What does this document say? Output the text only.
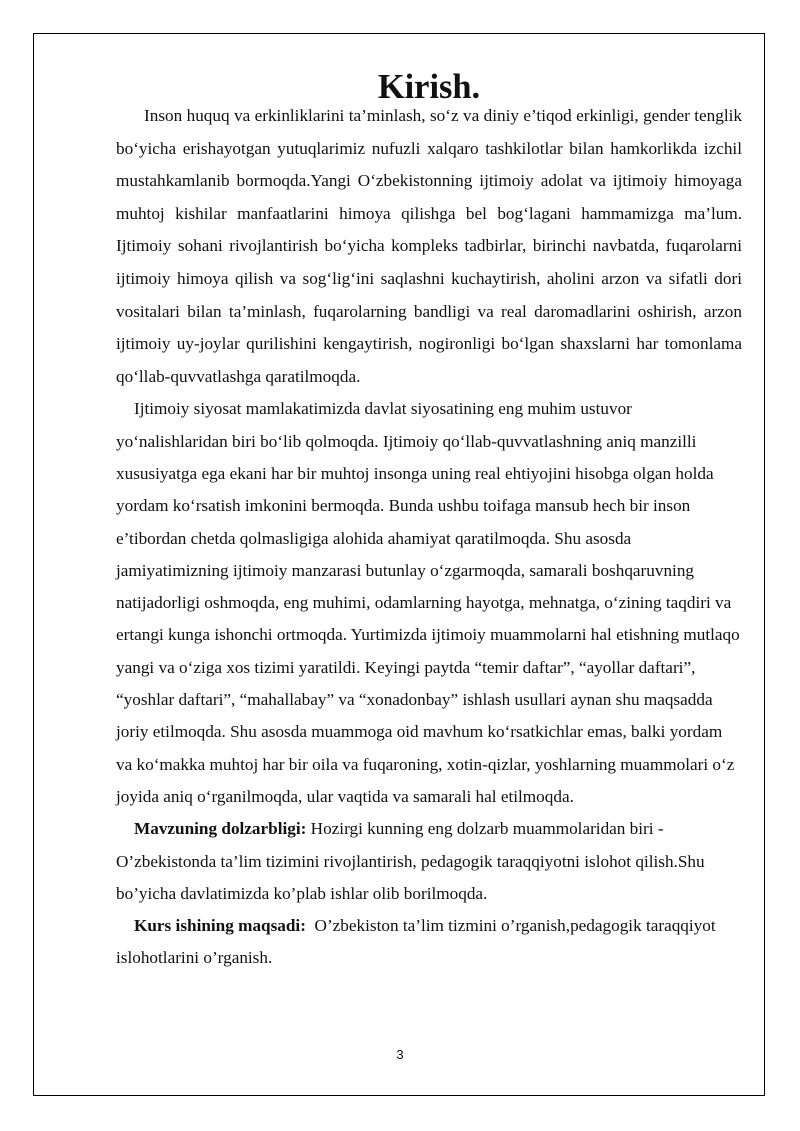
Kirish.

Inson huquq va erkinliklarini ta’minlash, so‘z va diniy e’tiqod erkinligi, gender tenglik bo‘yicha erishayotgan yutuqlarimiz nufuzli xalqaro tashkilotlar bilan hamkorlikda izchil mustahkamlanib bormoqda.Yangi O‘zbekistonning ijtimoiy adolat va ijtimoiy himoyaga muhtoj kishilar manfaatlarini himoya qilishga bel bog‘lagani hammamizga ma’lum. Ijtimoiy sohani rivojlantirish bo‘yicha kompleks tadbirlar, birinchi navbatda, fuqarolarni ijtimoiy himoya qilish va sog‘lig‘ini saqlashni kuchaytirish, aholini arzon va sifatli dori vositalari bilan ta’minlash, fuqarolarning bandligi va real daromadlarini oshirish, arzon ijtimoiy uy-joylar qurilishini kengaytirish, nogironligi bo‘lgan shaxslarni har tomonlama qo‘llab-quvvatlashga qaratilmoqda.

Ijtimoiy siyosat mamlakatimizda davlat siyosatining eng muhim ustuvor yo‘nalishlaridan biri bo‘lib qolmoqda. Ijtimoiy qo‘llab-quvvatlashning aniq manzilli xususiyatga ega ekani har bir muhtoj insonga uning real ehtiyojini hisobga olgan holda yordam ko‘rsatish imkonini bermoqda. Bunda ushbu toifaga mansub hech bir inson e’tibordan chetda qolmasligiga alohida ahamiyat qaratilmoqda. Shu asosda jamiyatimizning ijtimoiy manzarasi butunlay o‘zgarmoqda, samarali boshqaruvning natijadorligi oshmoqda, eng muhimi, odamlarning hayotga, mehnatga, o‘zining taqdiri va ertangi kunga ishonchi ortmoqda. Yurtimizda ijtimoiy muammolarni hal etishning mutlaqo yangi va o‘ziga xos tizimi yaratildi. Keyingi paytda “temir daftar”, “ayollar daftari”, “yoshlar daftari”, “mahallabay” va “xonadonbay” ishlash usullari aynan shu maqsadda joriy etilmoqda. Shu asosda muammoga oid mavhum ko‘rsatkichlar emas, balki yordam va ko‘makka muhtoj har bir oila va fuqaroning, xotin-qizlar, yoshlarning muammolari o‘z joyida aniq o‘rganilmoqda, ular vaqtida va samarali hal etilmoqda.

Mavzuning dolzarbligi: Hozirgi kunning eng dolzarb muammolaridan biri - O’zbekistonda ta’lim tizimini rivojlantirish, pedagogik taraqqiyotni islohot qilish.Shu bo’yicha davlatimizda ko’plab ishlar olib borilmoqda.

Kurs ishining maqsadi:  O’zbekiston ta’lim tizmini o’rganish,pedagogik taraqqiyot islohotlarini o’rganish.

3
